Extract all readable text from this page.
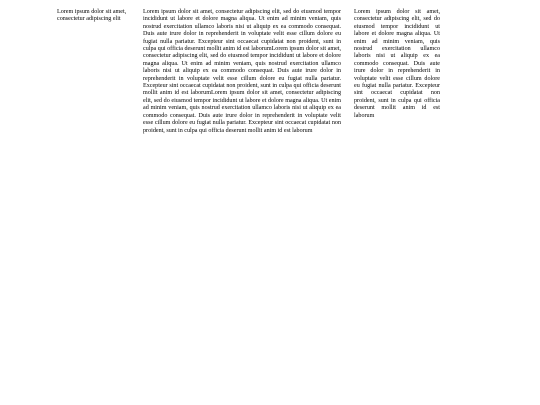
Lorem ipsum dolor sit amet, consectetur adipiscing elit
Lorem ipsum dolor sit amet, consectetur adipiscing elit, sed do eiusmod tempor incididunt ut labore et dolore magna aliqua. Ut enim ad minim veniam, quis nostrud exercitation ullamco laboris nisi ut aliquip ex ea commodo consequat. Duis aute irure dolor in reprehenderit in voluptate velit esse cillum dolore eu fugiat nulla pariatur. Excepteur sint occaecat cupidatat non proident, sunt in culpa qui officia deserunt mollit anim id est laborumLorem ipsum dolor sit amet, consectetur adipiscing elit, sed do eiusmod tempor incididunt ut labore et dolore magna aliqua. Ut enim ad minim veniam, quis nostrud exercitation ullamco laboris nisi ut aliquip ex ea commodo consequat. Duis aute irure dolor in reprehenderit in voluptate velit esse cillum dolore eu fugiat nulla pariatur. Excepteur sint occaecat cupidatat non proident, sunt in culpa qui officia deserunt mollit anim id est laborumLorem ipsum dolor sit amet, consectetur adipiscing elit, sed do eiusmod tempor incididunt ut labore et dolore magna aliqua. Ut enim ad minim veniam, quis nostrud exercitation ullamco laboris nisi ut aliquip ex ea commodo consequat. Duis aute irure dolor in reprehenderit in voluptate velit esse cillum dolore eu fugiat nulla pariatur. Excepteur sint occaecat cupidatat non proident, sunt in culpa qui officia deserunt mollit anim id est laborum
Lorem ipsum dolor sit amet, consectetur adipiscing elit, sed do eiusmod tempor incididunt ut labore et dolore magna aliqua. Ut enim ad minim veniam, quis nostrud exercitation ullamco laboris nisi ut aliquip ex ea commodo consequat. Duis aute irure dolor in reprehenderit in voluptate velit esse cillum dolore eu fugiat nulla pariatur. Excepteur sint occaecat cupidatat non proident, sunt in culpa qui officia deserunt mollit anim id est laborum
